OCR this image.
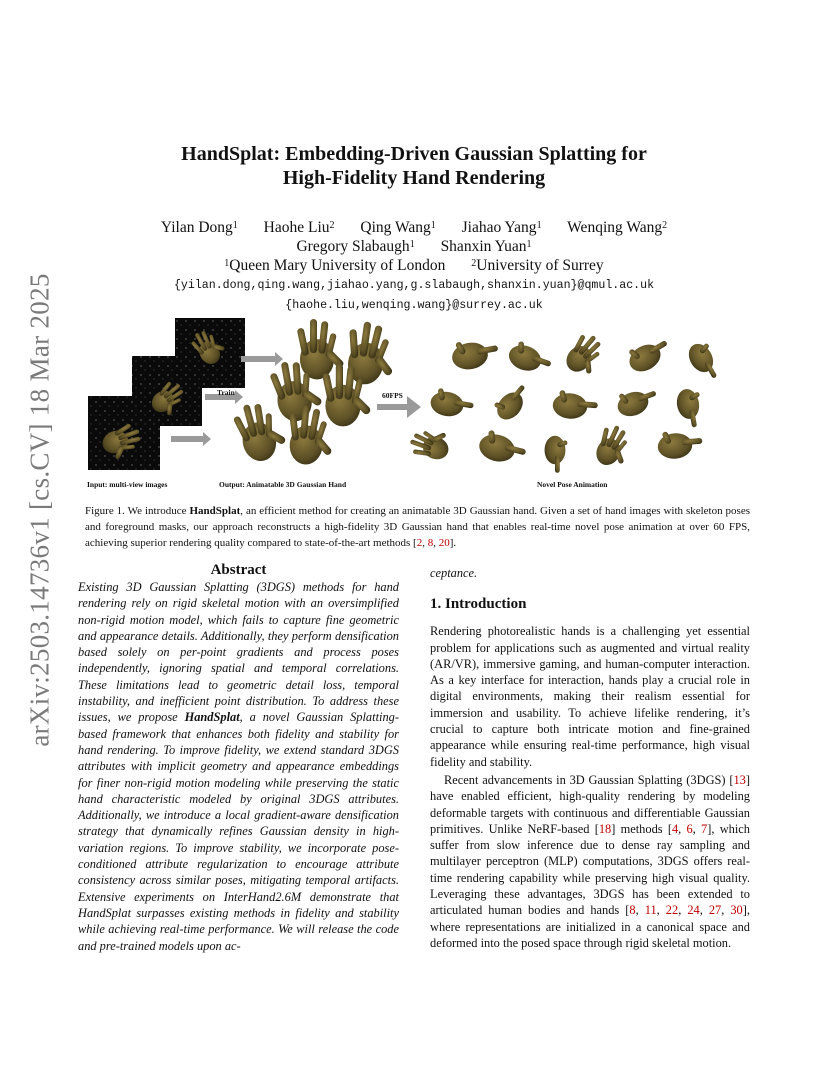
arXiv:2503.14736v1 [cs.CV] 18 Mar 2025
HandSplat: Embedding-Driven Gaussian Splatting for
High-Fidelity Hand Rendering
Yilan Dong$^1$ Haohe Liu$^2$ Qing Wang$^1$ Jiahao Yang$^1$ Wenqing Wang$^2$
Gregory Slabaugh$^1$ Shanxin Yuan$^1$
$^1$Queen Mary University of London	$^2$University of Surrey
{yilan.dong,qing.wang,jiahao.yang,g.slabaugh,shanxin.yuan}@qmul.ac.uk
{haohe.liu,wenqing.wang}@surrey.ac.uk
Train	60FPS
Input: multi-view images	Output: Animatable 3D Gaussian Hand	Novel Pose Animation
Figure 1. We introduce HandSplat, an efficient method for creating an animatable 3D Gaussian hand. Given a set of hand images with skeleton poses and foreground masks, our approach reconstructs a high-fidelity 3D Gaussian hand that enables real-time novel pose animation at over 60 FPS, achieving superior rendering quality compared to state-of-the-art methods [2, 8, 20].
Abstract

Existing 3D Gaussian Splatting (3DGS) methods for hand rendering rely on rigid skeletal motion with an oversimplified non-rigid motion model, which fails to capture fine geometric and appearance details. Additionally, they perform densification based solely on per-point gradients and process poses independently, ignoring spatial and temporal correlations. These limitations lead to geometric detail loss, temporal instability, and inefficient point distribution. To address these issues, we propose HandSplat, a novel Gaussian Splatting-based framework that enhances both fidelity and stability for hand rendering. To improve fidelity, we extend standard 3DGS attributes with implicit geometry and appearance embeddings for finer non-rigid motion modeling while preserving the static hand characteristic modeled by original 3DGS attributes. Additionally, we introduce a local gradient-aware densification strategy that dynamically refines Gaussian density in high-variation regions. To improve stability, we incorporate pose-conditioned attribute regularization to encourage attribute consistency across similar poses, mitigating temporal artifacts. Extensive experiments on InterHand2.6M demonstrate that HandSplat surpasses existing methods in fidelity and stability while achieving real-time performance. We will release the code and pre-trained models upon ac-

ceptance.

1. Introduction

Rendering photorealistic hands is a challenging yet essential problem for applications such as augmented and virtual reality (AR/VR), immersive gaming, and human-computer interaction. As a key interface for interaction, hands play a crucial role in digital environments, making their realism essential for immersion and usability. To achieve lifelike rendering, it’s crucial to capture both intricate motion and fine-grained appearance while ensuring real-time performance, high visual fidelity and stability.

Recent advancements in 3D Gaussian Splatting (3DGS) [13] have enabled efficient, high-quality rendering by modeling deformable targets with continuous and differentiable Gaussian primitives. Unlike NeRF-based [18] methods [4, 6, 7], which suffer from slow inference due to dense ray sampling and multilayer perceptron (MLP) computations, 3DGS offers real-time rendering capability while preserving high visual quality. Leveraging these advantages, 3DGS has been extended to articulated human bodies and hands [8, 11, 22, 24, 27, 30], where representations are initialized in a canonical space and deformed into the posed space through rigid skeletal motion.
